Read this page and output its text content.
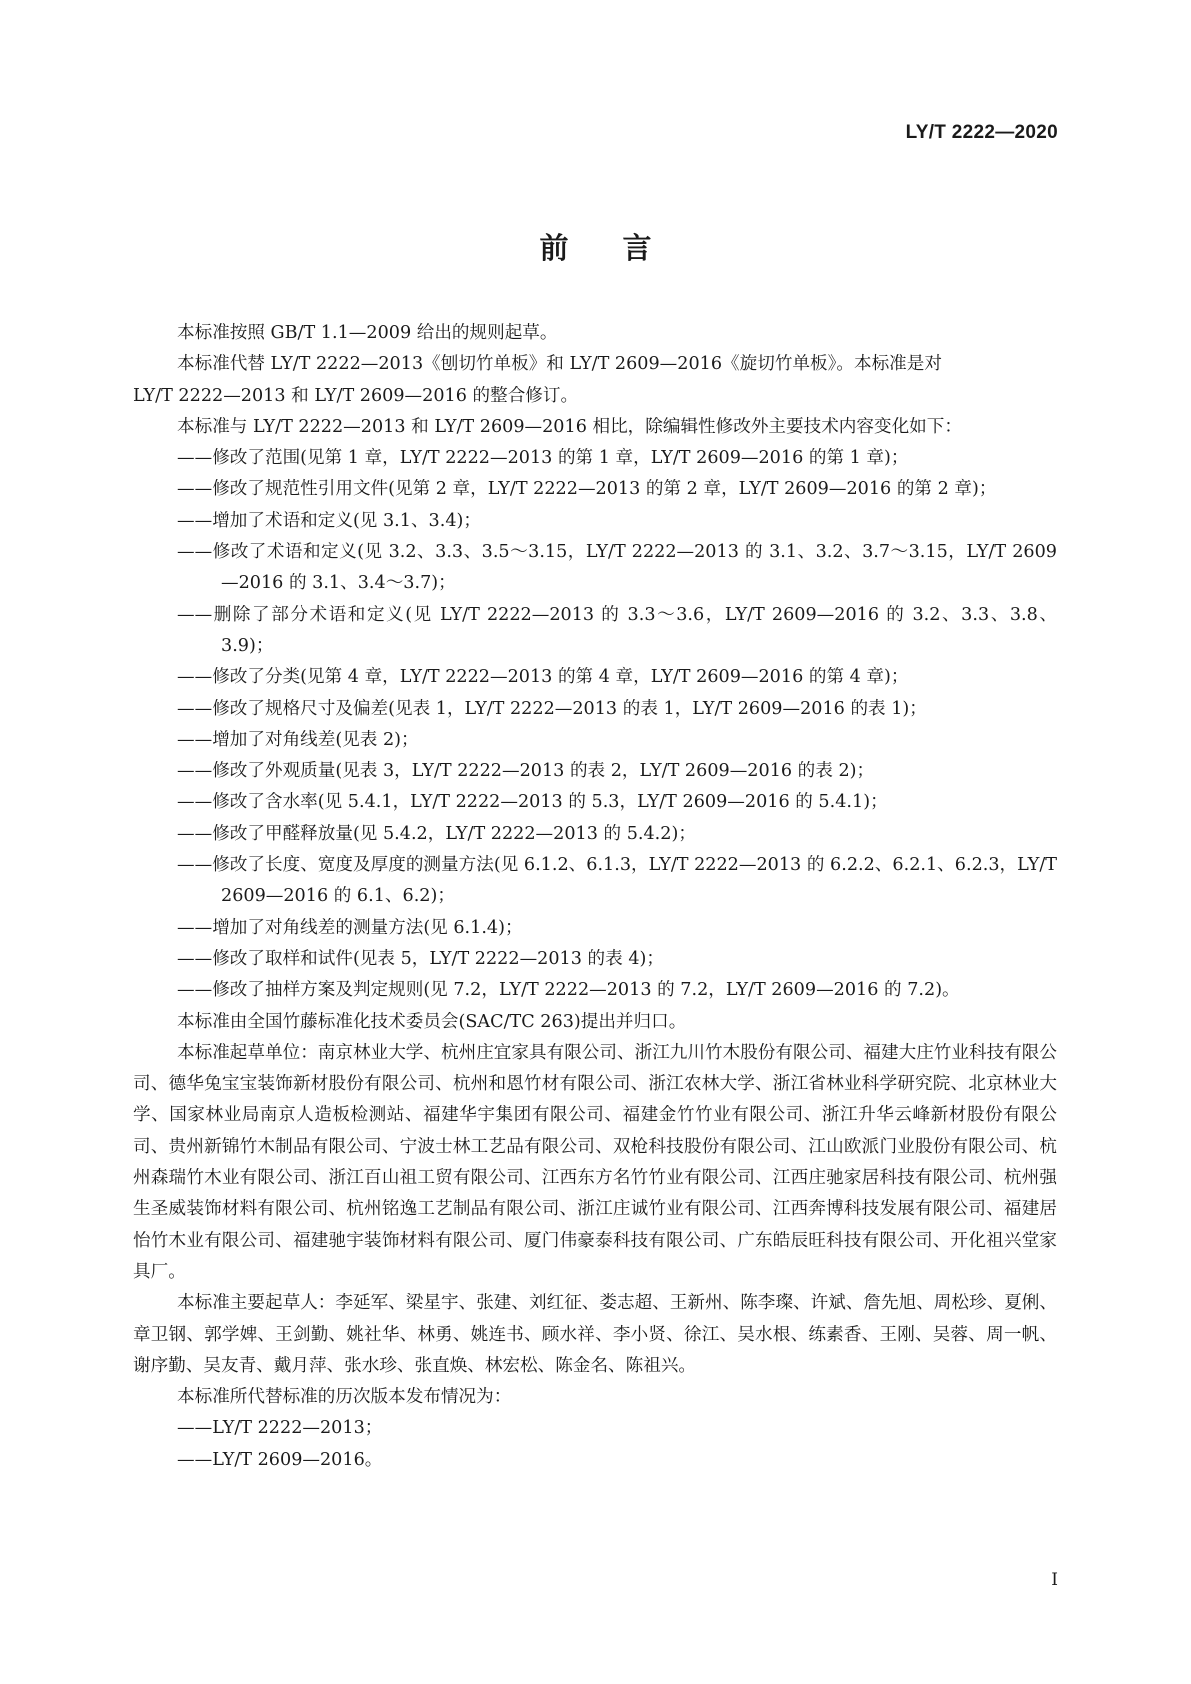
LY/T 2222—2020
前言

本标准按照 GB/T 1.1—2009 给出的规则起草。

本标准代替 LY/T 2222—2013《刨切竹单板》和 LY/T 2609—2016《旋切竹单板》。本标准是对
LY/T 2222—2013 和 LY/T 2609—2016 的整合修订。

本标准与 LY/T 2222—2013 和 LY/T 2609—2016 相比，除编辑性修改外主要技术内容变化如下：

——修改了范围(见第 1 章，LY/T 2222—2013 的第 1 章，LY/T 2609—2016 的第 1 章)；

——修改了规范性引用文件(见第 2 章，LY/T 2222—2013 的第 2 章，LY/T 2609—2016 的第 2 章)；

——增加了术语和定义(见 3.1、3.4)；

——修改了术语和定义(见 3.2、3.3、3.5～3.15，LY/T 2222—2013 的 3.1、3.2、3.7～3.15，LY/T 2609—2016 的 3.1、3.4～3.7)；

——删除了部分术语和定义(见 LY/T 2222—2013 的 3.3～3.6，LY/T 2609—2016 的 3.2、3.3、3.8、3.9)；

——修改了分类(见第 4 章，LY/T 2222—2013 的第 4 章，LY/T 2609—2016 的第 4 章)；

——修改了规格尺寸及偏差(见表 1，LY/T 2222—2013 的表 1，LY/T 2609—2016 的表 1)；

——增加了对角线差(见表 2)；

——修改了外观质量(见表 3，LY/T 2222—2013 的表 2，LY/T 2609—2016 的表 2)；

——修改了含水率(见 5.4.1，LY/T 2222—2013 的 5.3，LY/T 2609—2016 的 5.4.1)；

——修改了甲醛释放量(见 5.4.2，LY/T 2222—2013 的 5.4.2)；

——修改了长度、宽度及厚度的测量方法(见 6.1.2、6.1.3，LY/T 2222—2013 的 6.2.2、6.2.1、6.2.3，LY/T 2609—2016 的 6.1、6.2)；

——增加了对角线差的测量方法(见 6.1.4)；

——修改了取样和试件(见表 5，LY/T 2222—2013 的表 4)；

——修改了抽样方案及判定规则(见 7.2，LY/T 2222—2013 的 7.2，LY/T 2609—2016 的 7.2)。

本标准由全国竹藤标准化技术委员会(SAC/TC 263)提出并归口。

本标准起草单位：南京林业大学、杭州庄宜家具有限公司、浙江九川竹木股份有限公司、福建大庄竹业科技有限公司、德华兔宝宝装饰新材股份有限公司、杭州和恩竹材有限公司、浙江农林大学、浙江省林业科学研究院、北京林业大学、国家林业局南京人造板检测站、福建华宇集团有限公司、福建金竹竹业有限公司、浙江升华云峰新材股份有限公司、贵州新锦竹木制品有限公司、宁波士林工艺品有限公司、双枪科技股份有限公司、江山欧派门业股份有限公司、杭州森瑞竹木业有限公司、浙江百山祖工贸有限公司、江西东方名竹竹业有限公司、江西庄驰家居科技有限公司、杭州强生圣威装饰材料有限公司、杭州铭逸工艺制品有限公司、浙江庄诚竹业有限公司、江西奔博科技发展有限公司、福建居怡竹木业有限公司、福建驰宇装饰材料有限公司、厦门伟豪泰科技有限公司、广东皓辰旺科技有限公司、开化祖兴堂家具厂。

本标准主要起草人：李延军、梁星宇、张建、刘红征、娄志超、王新州、陈李璨、许斌、詹先旭、周松珍、夏俐、章卫钢、郭学婢、王剑勤、姚社华、林勇、姚连书、顾水祥、李小贤、徐江、吴水根、练素香、王刚、吴蓉、周一帆、谢序勤、吴友青、戴月萍、张水珍、张直焕、林宏松、陈金名、陈祖兴。

本标准所代替标准的历次版本发布情况为：

——LY/T 2222—2013；

——LY/T 2609—2016。

I
